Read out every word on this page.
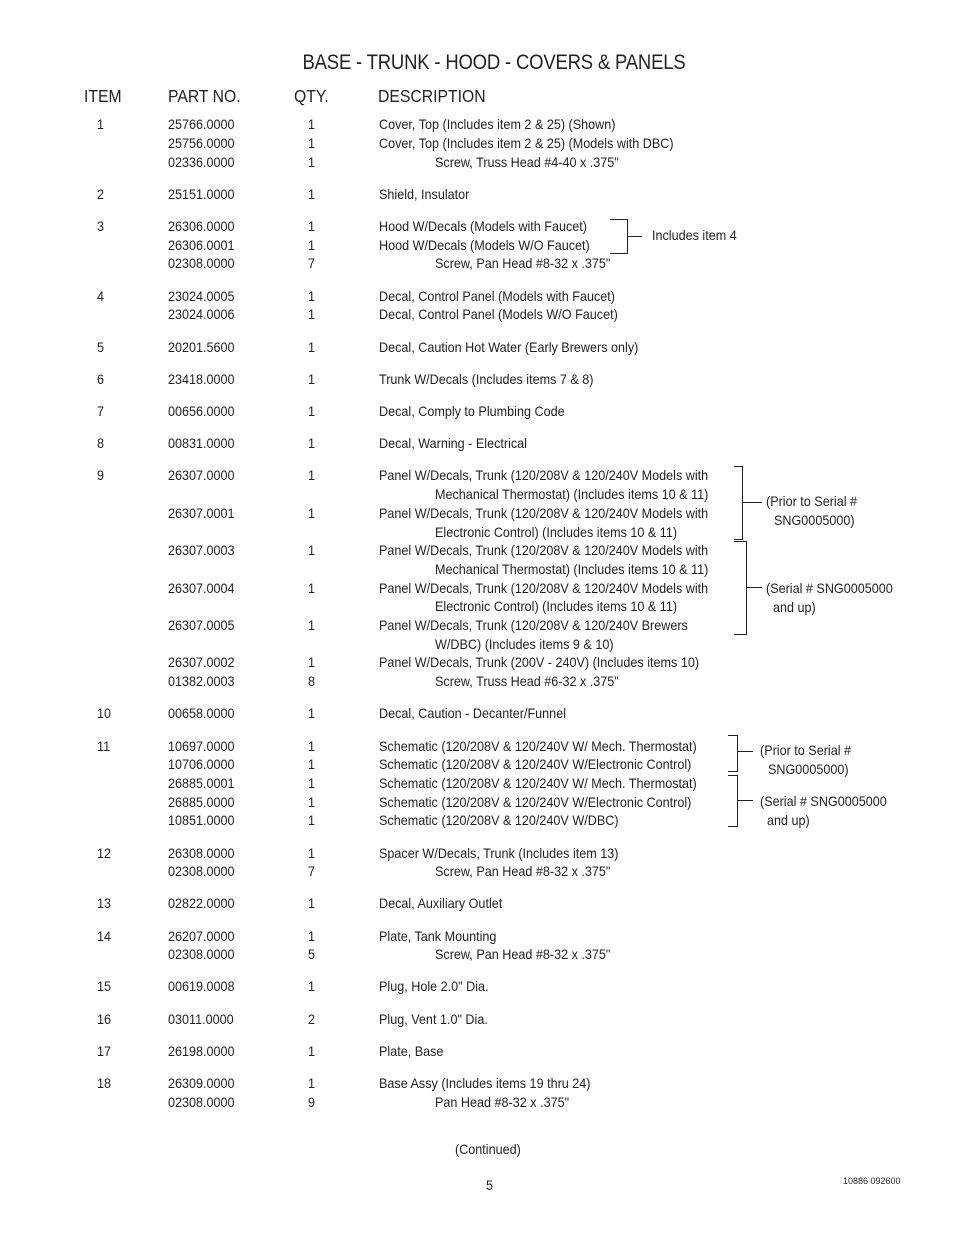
BASE - TRUNK - HOOD - COVERS & PANELS
ITEM	PART NO.	QTY.	DESCRIPTION
1	25766.0000	1	Cover, Top (Includes item 2 & 25) (Shown)
25756.0000	1	Cover, Top (Includes item 2 & 25) (Models with DBC)
02336.0000	1	Screw, Truss Head #4-40 x .375"
2	25151.0000	1	Shield, Insulator
3	26306.0000	1	Hood W/Decals (Models with Faucet)
26306.0001	1	Hood W/Decals (Models W/O Faucet)
02308.0000	7	Screw, Pan Head #8-32 x .375"
4	23024.0005	1	Decal, Control Panel (Models with Faucet)
23024.0006	1	Decal, Control Panel (Models W/O Faucet)
5	20201.5600	1	Decal, Caution Hot Water (Early Brewers only)
6	23418.0000	1	Trunk W/Decals (Includes items 7 & 8)
7	00656.0000	1	Decal, Comply to Plumbing Code
8	00831.0000	1	Decal, Warning - Electrical
9	26307.0000	1	Panel W/Decals, Trunk (120/208V & 120/240V Models with
Mechanical Thermostat) (Includes items 10 & 11)
26307.0001	1	Panel W/Decals, Trunk (120/208V & 120/240V Models with
Electronic Control) (Includes items 10 & 11)
26307.0003	1	Panel W/Decals, Trunk (120/208V & 120/240V Models with
Mechanical Thermostat) (Includes items 10 & 11)
26307.0004	1	Panel W/Decals, Trunk (120/208V & 120/240V Models with
Electronic Control) (Includes items 10 & 11)
26307.0005	1	Panel W/Decals, Trunk (120/208V & 120/240V Brewers
W/DBC) (Includes items 9 & 10)
26307.0002	1	Panel W/Decals, Trunk (200V - 240V) (Includes items 10)
01382.0003	8	Screw, Truss Head #6-32 x .375"
10	00658.0000	1	Decal, Caution - Decanter/Funnel
11	10697.0000	1	Schematic (120/208V & 120/240V W/ Mech. Thermostat)
10706.0000	1	Schematic (120/208V & 120/240V W/Electronic Control)
26885.0001	1	Schematic (120/208V & 120/240V W/ Mech. Thermostat)
26885.0000	1	Schematic (120/208V & 120/240V W/Electronic Control)
10851.0000	1	Schematic (120/208V & 120/240V W/DBC)
12	26308.0000	1	Spacer W/Decals, Trunk (Includes item 13)
02308.0000	7	Screw, Pan Head #8-32 x .375"
13	02822.0000	1	Decal, Auxiliary Outlet
14	26207.0000	1	Plate, Tank Mounting
02308.0000	5	Screw, Pan Head #8-32 x .375"
15	00619.0008	1	Plug, Hole 2.0" Dia.
16	03011.0000	2	Plug, Vent 1.0" Dia.
17	26198.0000	1	Plate, Base
18	26309.0000	1	Base Assy (Includes items 19 thru 24)
02308.0000	9	Pan Head #8-32 x .375"
Includes item 4
(Prior to Serial #
SNG0005000)
(Serial # SNG0005000
and up)
(Prior to Serial #
SNG0005000)
(Serial # SNG0005000
and up)
(Continued)
5	10886 092600
